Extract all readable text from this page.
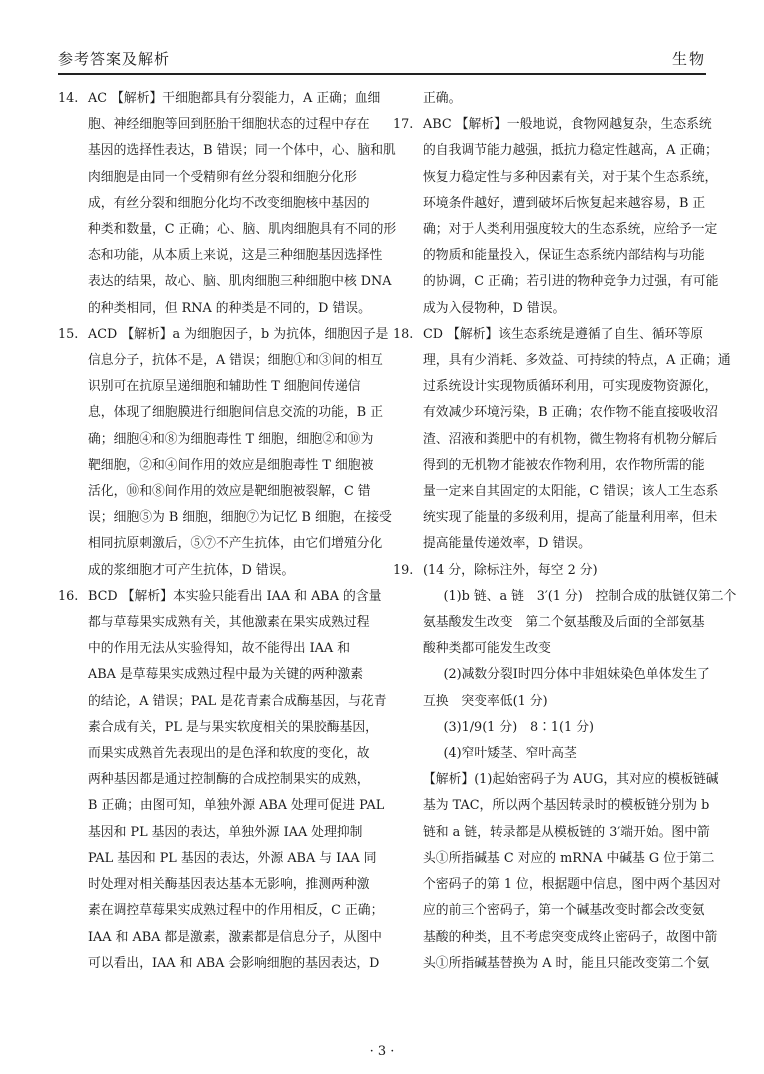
参考答案及解析	生物
14. AC 【解析】干细胞都具有分裂能力，A 正确；血细
胞、神经细胞等回到胚胎干细胞状态的过程中存在
基因的选择性表达，B 错误；同一个体中，心、脑和肌
肉细胞是由同一个受精卵有丝分裂和细胞分化形
成，有丝分裂和细胞分化均不改变细胞核中基因的
种类和数量，C 正确；心、脑、肌肉细胞具有不同的形
态和功能，从本质上来说，这是三种细胞基因选择性
表达的结果，故心、脑、肌肉细胞三种细胞中核 DNA
的种类相同，但 RNA 的种类是不同的，D 错误。
15. ACD 【解析】a 为细胞因子，b 为抗体，细胞因子是
信息分子，抗体不是，A 错误；细胞①和③间的相互
识别可在抗原呈递细胞和辅助性 T 细胞间传递信
息，体现了细胞膜进行细胞间信息交流的功能，B 正
确；细胞④和⑧为细胞毒性 T 细胞，细胞②和⑩为
靶细胞，②和④间作用的效应是细胞毒性 T 细胞被
活化，⑩和⑧间作用的效应是靶细胞被裂解，C 错
误；细胞⑤为 B 细胞，细胞⑦为记忆 B 细胞，在接受
相同抗原刺激后，⑤⑦不产生抗体，由它们增殖分化
成的浆细胞才可产生抗体，D 错误。
16. BCD 【解析】本实验只能看出 IAA 和 ABA 的含量
都与草莓果实成熟有关，其他激素在果实成熟过程
中的作用无法从实验得知，故不能得出 IAA 和
ABA 是草莓果实成熟过程中最为关键的两种激素
的结论，A 错误；PAL 是花青素合成酶基因，与花青
素合成有关，PL 是与果实软度相关的果胶酶基因，
而果实成熟首先表现出的是色泽和软度的变化，故
两种基因都是通过控制酶的合成控制果实的成熟，
B 正确；由图可知，单独外源 ABA 处理可促进 PAL
基因和 PL 基因的表达，单独外源 IAA 处理抑制
PAL 基因和 PL 基因的表达，外源 ABA 与 IAA 同
时处理对相关酶基因表达基本无影响，推测两种激
素在调控草莓果实成熟过程中的作用相反，C 正确；
IAA 和 ABA 都是激素，激素都是信息分子，从图中
可以看出，IAA 和 ABA 会影响细胞的基因表达，D
正确。
17. ABC 【解析】一般地说，食物网越复杂，生态系统
的自我调节能力越强，抵抗力稳定性越高，A 正确；
恢复力稳定性与多种因素有关，对于某个生态系统，
环境条件越好，遭到破坏后恢复起来越容易，B 正
确；对于人类利用强度较大的生态系统，应给予一定
的物质和能量投入，保证生态系统内部结构与功能
的协调，C 正确；若引进的物种竞争力过强，有可能
成为入侵物种，D 错误。
18. CD 【解析】该生态系统是遵循了自生、循环等原
理，具有少消耗、多效益、可持续的特点，A 正确；通
过系统设计实现物质循环利用，可实现废物资源化，
有效减少环境污染，B 正确；农作物不能直接吸收沼
渣、沼液和粪肥中的有机物，微生物将有机物分解后
得到的无机物才能被农作物利用，农作物所需的能
量一定来自其固定的太阳能，C 错误；该人工生态系
统实现了能量的多级利用，提高了能量利用率，但未
提高能量传递效率，D 错误。
19. (14 分，除标注外，每空 2 分)
(1)b 链、a 链　3′(1 分)　控制合成的肽链仅第二个
氨基酸发生改变　第二个氨基酸及后面的全部氨基
酸种类都可能发生改变
(2)减数分裂Ⅰ时四分体中非姐妹染色单体发生了
互换　突变率低(1 分)
(3)1/9(1 分)　8∶1(1 分)
(4)窄叶矮茎、窄叶高茎
【解析】(1)起始密码子为 AUG，其对应的模板链碱
基为 TAC，所以两个基因转录时的模板链分别为 b
链和 a 链，转录都是从模板链的 3′端开始。图中箭
头①所指碱基 C 对应的 mRNA 中碱基 G 位于第二
个密码子的第 1 位，根据题中信息，图中两个基因对
应的前三个密码子，第一个碱基改变时都会改变氨
基酸的种类，且不考虑突变成终止密码子，故图中箭
头①所指碱基替换为 A 时，能且只能改变第二个氨
· 3 ·
